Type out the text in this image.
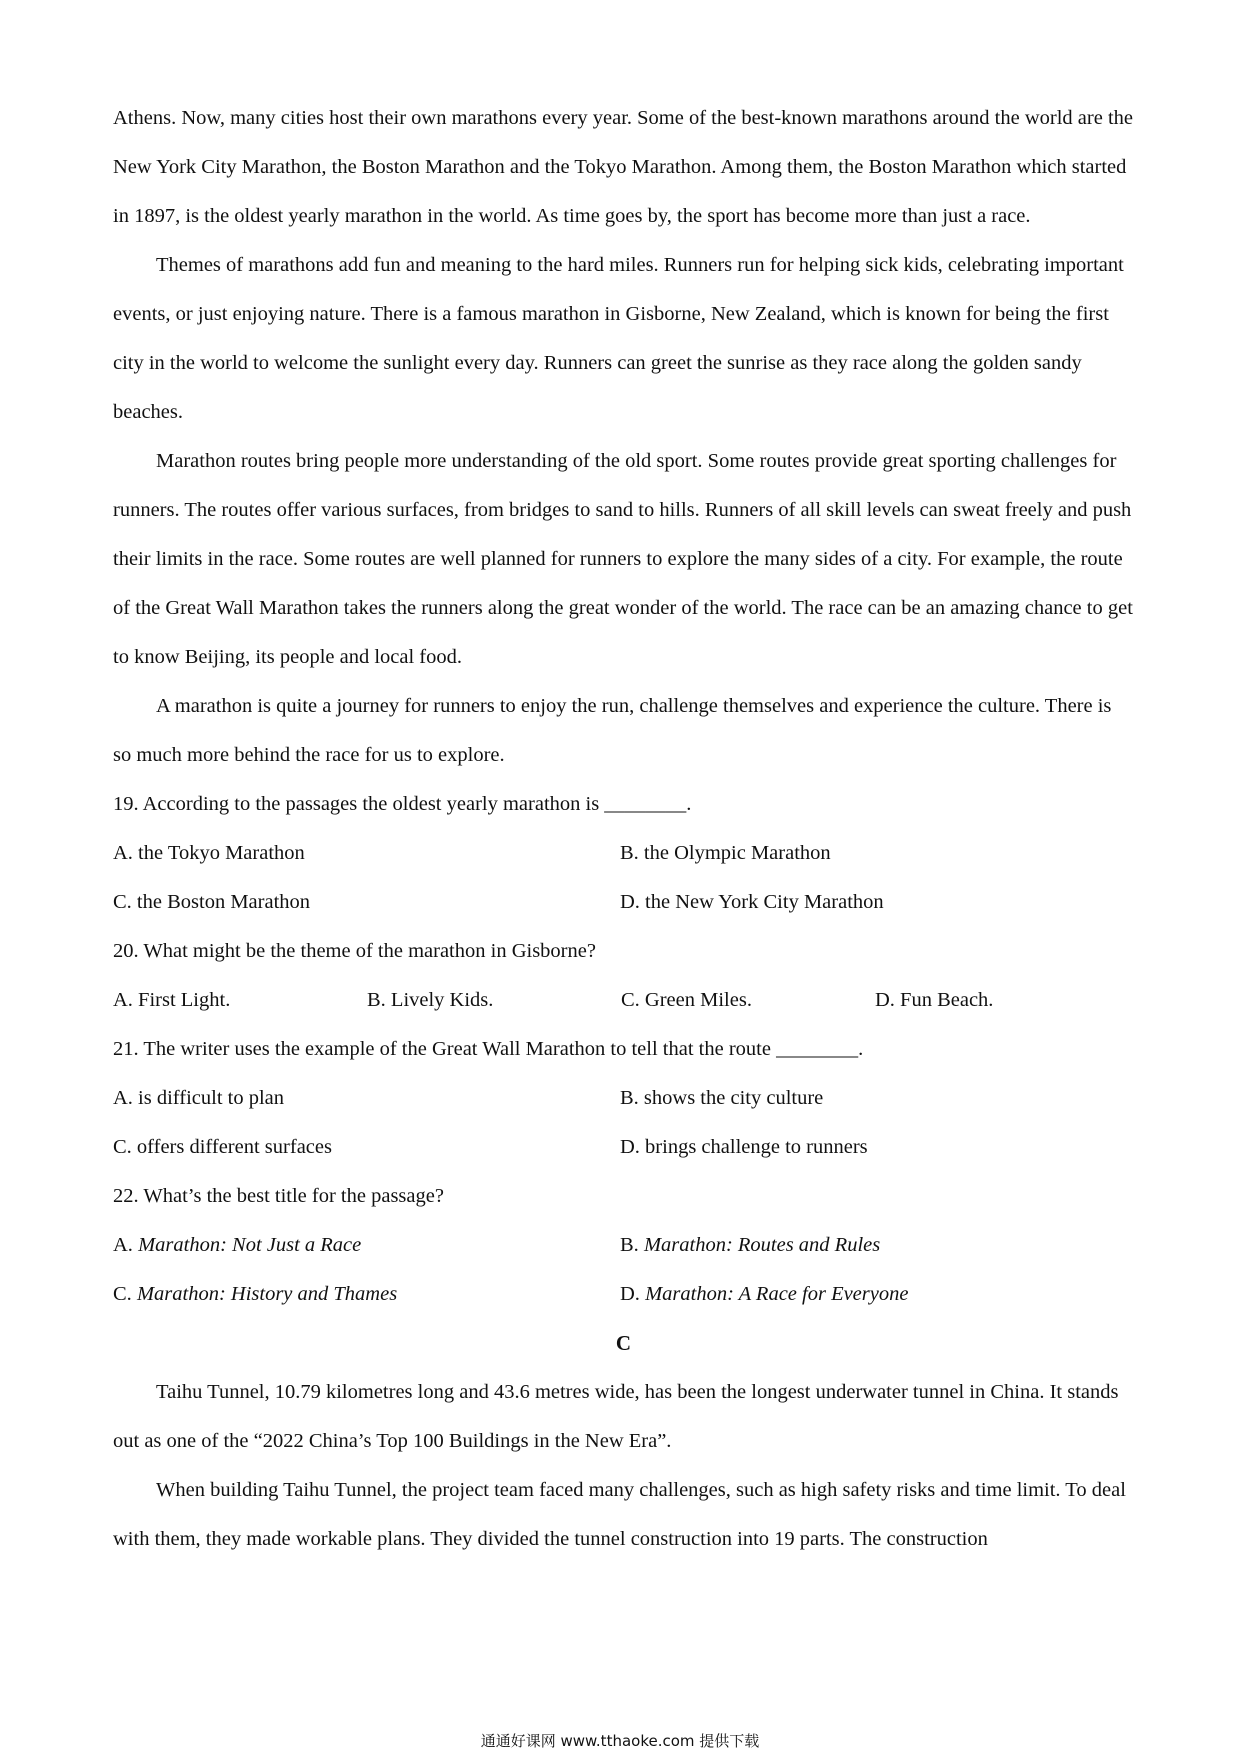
Athens. Now, many cities host their own marathons every year. Some of the best-known marathons around the world are the New York City Marathon, the Boston Marathon and the Tokyo Marathon. Among them, the Boston Marathon which started in 1897, is the oldest yearly marathon in the world. As time goes by, the sport has become more than just a race.

Themes of marathons add fun and meaning to the hard miles. Runners run for helping sick kids, celebrating important events, or just enjoying nature. There is a famous marathon in Gisborne, New Zealand, which is known for being the first city in the world to welcome the sunlight every day. Runners can greet the sunrise as they race along the golden sandy beaches.

Marathon routes bring people more understanding of the old sport. Some routes provide great sporting challenges for runners. The routes offer various surfaces, from bridges to sand to hills. Runners of all skill levels can sweat freely and push their limits in the race. Some routes are well planned for runners to explore the many sides of a city. For example, the route of the Great Wall Marathon takes the runners along the great wonder of the world. The race can be an amazing chance to get to know Beijing, its people and local food.

A marathon is quite a journey for runners to enjoy the run, challenge themselves and experience the culture. There is so much more behind the race for us to explore.

19. According to the passages the oldest yearly marathon is ________.

A. the Tokyo Marathon	B. the Olympic Marathon
C. the Boston Marathon	D. the New York City Marathon

20. What might be the theme of the marathon in Gisborne?

A. First Light.	B. Lively Kids.	C. Green Miles.	D. Fun Beach.

21. The writer uses the example of the Great Wall Marathon to tell that the route ________.

A. is difficult to plan	B. shows the city culture
C. offers different surfaces	D. brings challenge to runners

22. What’s the best title for the passage?

A. Marathon: Not Just a Race	B. Marathon: Routes and Rules
C. Marathon: History and Thames	D. Marathon: A Race for Everyone
C

Taihu Tunnel, 10.79 kilometres long and 43.6 metres wide, has been the longest underwater tunnel in China. It stands out as one of the “2022 China’s Top 100 Buildings in the New Era”.

When building Taihu Tunnel, the project team faced many challenges, such as high safety risks and time limit. To deal with them, they made workable plans. They divided the tunnel construction into 19 parts. The construction

通通好课网 www.tthaoke.com 提供下载
